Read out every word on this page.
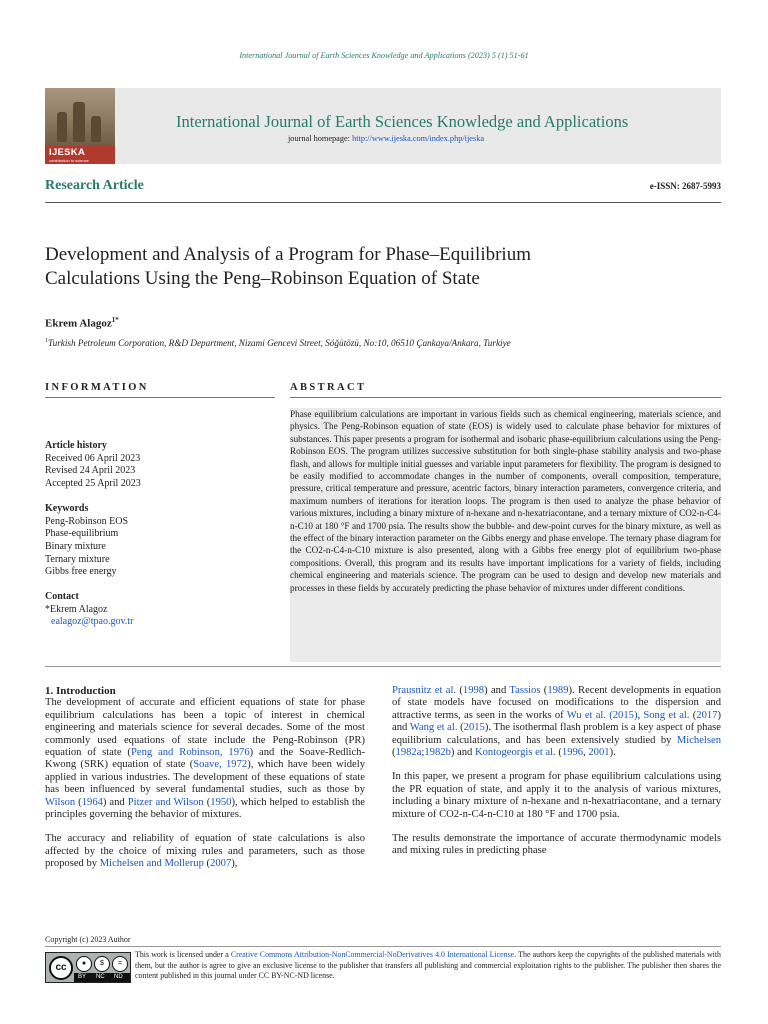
International Journal of Earth Sciences Knowledge and Applications (2023) 5 (1) 51-61
IJESKA
contribution to science
International Journal of Earth Sciences Knowledge and Applications
journal homepage: http://www.ijeska.com/index.php/ijeska
Research Article	e-ISSN: 2687-5993
Development and Analysis of a Program for Phase–Equilibrium
Calculations Using the Peng–Robinson Equation of State
Ekrem Alagoz$^{1*}$
$^1$Turkish Petroleum Corporation, R&D Department, Nizami Gencevi Street, Söğütözü, No:10, 06510 Çankaya/Ankara, Turkiye
INFORMATION	ABSTRACT
Article history
Received 06 April 2023
Revised 24 April 2023
Accepted 25 April 2023
Keywords
Peng-Robinson EOS
Phase-equilibrium
Binary mixture
Ternary mixture
Gibbs free energy
Contact
*Ekrem Alagoz
ealagoz@tpao.gov.tr

Phase equilibrium calculations are important in various fields such as chemical engineering, materials science, and physics. The Peng-Robinson equation of state (EOS) is widely used to calculate phase behavior for mixtures of substances. This paper presents a program for isothermal and isobaric phase-equilibrium calculations using the Peng-Robinson EOS. The program utilizes successive substitution for both single-phase stability analysis and two-phase flash, and allows for multiple initial guesses and variable input parameters for flexibility. The program is designed to be easily modified to accommodate changes in the number of components, overall composition, temperature, pressure, critical temperature and pressure, acentric factors, binary interaction parameters, convergence criteria, and maximum numbers of iterations for iteration loops. The program is then used to analyze the phase behavior of various mixtures, including a binary mixture of n-hexane and n-hexatriacontane, and a ternary mixture of CO2-n-C4-n-C10 at 180 °F and 1700 psia. The results show the bubble- and dew-point curves for the binary mixture, as well as the effect of the binary interaction parameter on the Gibbs energy and phase envelope. The ternary phase diagram for the CO2-n-C4-n-C10 mixture is also presented, along with a Gibbs free energy plot of equilibrium two-phase compositions. Overall, this program and its results have important implications for a variety of fields, including chemical engineering and materials science. The program can be used to design and develop new materials and processes in these fields by accurately predicting the phase behavior of mixtures under different conditions.

1. Introduction

The development of accurate and efficient equations of state for phase equilibrium calculations has been a topic of interest in chemical engineering and materials science for several decades. Some of the most commonly used equations of state include the Peng-Robinson (PR) equation of state (Peng and Robinson, 1976) and the Soave-Redlich-Kwong (SRK) equation of state (Soave, 1972), which have been widely applied in various industries. The development of these equations of state has been influenced by several fundamental studies, such as those by Wilson (1964) and Pitzer and Wilson (1950), which helped to establish the principles governing the behavior of mixtures.

The accuracy and reliability of equation of state calculations is also affected by the choice of mixing rules and parameters, such as those proposed by Michelsen and Mollerup (2007),

Prausnitz et al. (1998) and Tassios (1989). Recent developments in equation of state models have focused on modifications to the dispersion and attractive terms, as seen in the works of Wu et al. (2015), Song et al. (2017) and Wang et al. (2015). The isothermal flash problem is a key aspect of phase equilibrium calculations, and has been extensively studied by Michelsen (1982a;1982b) and Kontogeorgis et al. (1996, 2001).

In this paper, we present a program for phase equilibrium calculations using the PR equation of state, and apply it to the analysis of various mixtures, including a binary mixture of n-hexane and n-hexatriacontane, and a ternary mixture of CO2-n-C4-n-C10 at 180 °F and 1700 psia.

The results demonstrate the importance of accurate thermodynamic models and mixing rules in predicting phase

Copyright (c) 2023 Author
cc	●	$	=
BY NC ND
This work is licensed under a Creative Commons Attribution-NonCommercial-NoDerivatives 4.0 International License. The authors keep the copyrights of the published materials with them, but the author is agree to give an exclusive license to the publisher that transfers all publishing and commercial exploitation rights to the publisher. The publisher then shares the content published in this journal under CC BY-NC-ND license.
